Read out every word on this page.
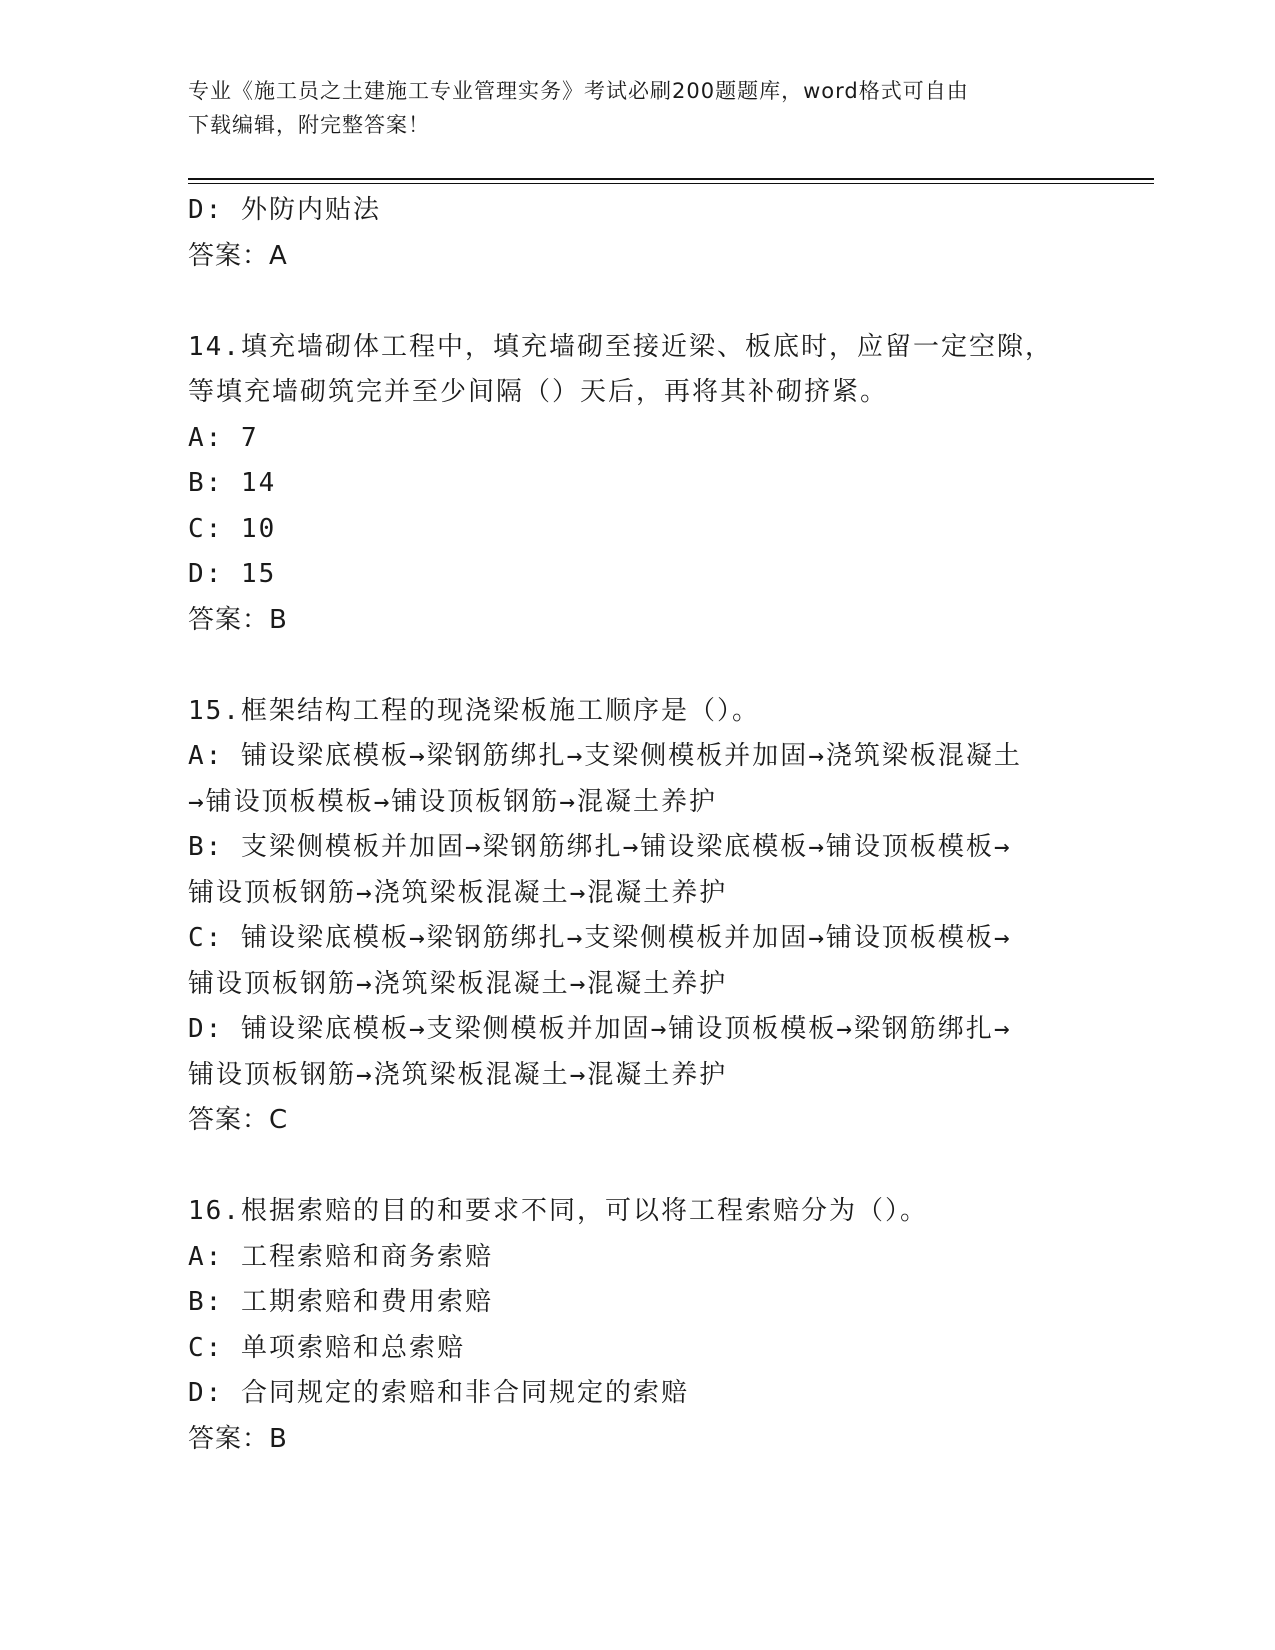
专业《施工员之土建施工专业管理实务》考试必刷200题题库，word格式可自由
下载编辑，附完整答案！
D: 外防内贴法
答案：A
14.填充墙砌体工程中，填充墙砌至接近梁、板底时，应留一定空隙，
等填充墙砌筑完并至少间隔（）天后，再将其补砌挤紧。
A: 7
B: 14
C: 10
D: 15
答案：B
15.框架结构工程的现浇梁板施工顺序是（）。
A: 铺设梁底模板→梁钢筋绑扎→支梁侧模板并加固→浇筑梁板混凝土
→铺设顶板模板→铺设顶板钢筋→混凝土养护
B: 支梁侧模板并加固→梁钢筋绑扎→铺设梁底模板→铺设顶板模板→
铺设顶板钢筋→浇筑梁板混凝土→混凝土养护
C: 铺设梁底模板→梁钢筋绑扎→支梁侧模板并加固→铺设顶板模板→
铺设顶板钢筋→浇筑梁板混凝土→混凝土养护
D: 铺设梁底模板→支梁侧模板并加固→铺设顶板模板→梁钢筋绑扎→
铺设顶板钢筋→浇筑梁板混凝土→混凝土养护
答案：C
16.根据索赔的目的和要求不同，可以将工程索赔分为（）。
A: 工程索赔和商务索赔
B: 工期索赔和费用索赔
C: 单项索赔和总索赔
D: 合同规定的索赔和非合同规定的索赔
答案：B
